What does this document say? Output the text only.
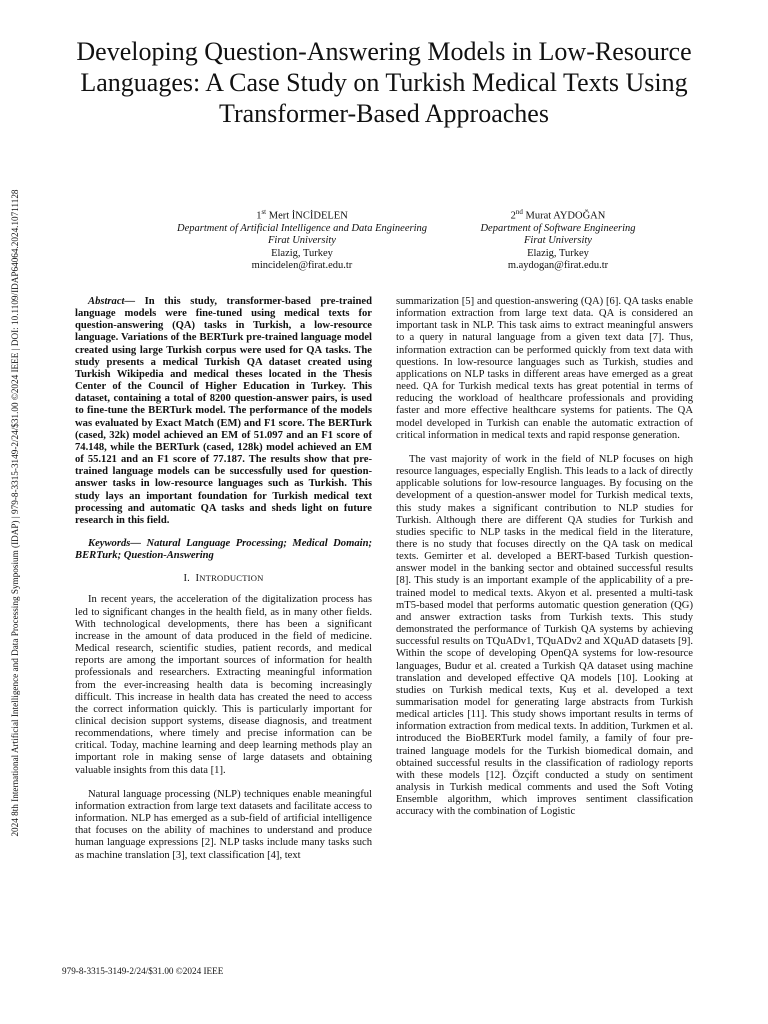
2024 8th International Artificial Intelligence and Data Processing Symposium (IDAP) | 979-8-3315-3149-2/24/$31.00 ©2024 IEEE | DOI: 10.1109/IDAP64064.2024.10711128
Developing Question-Answering Models in Low-Resource Languages: A Case Study on Turkish Medical Texts Using Transformer-Based Approaches
1st Mert İNCİDELEN
Department of Artificial Intelligence and Data Engineering
Firat University
Elazig, Turkey
mincidelen@firat.edu.tr
2nd Murat AYDOĞAN
Department of Software Engineering
Firat University
Elazig, Turkey
m.aydogan@firat.edu.tr

Abstract— In this study, transformer-based pre-trained language models were fine-tuned using medical texts for question-answering (QA) tasks in Turkish, a low-resource language. Variations of the BERTurk pre-trained language model created using large Turkish corpus were used for QA tasks. The study presents a medical Turkish QA dataset created using Turkish Wikipedia and medical theses located in the Thesis Center of the Council of Higher Education in Turkey. This dataset, containing a total of 8200 question-answer pairs, is used to fine-tune the BERTurk model. The performance of the models was evaluated by Exact Match (EM) and F1 score. The BERTurk (cased, 32k) model achieved an EM of 51.097 and an F1 score of 74.148, while the BERTurk (cased, 128k) model achieved an EM of 55.121 and an F1 score of 77.187. The results show that pre-trained language models can be successfully used for question-answer tasks in low-resource languages such as Turkish. This study lays an important foundation for Turkish medical text processing and automatic QA tasks and sheds light on future research in this field.

Keywords— Natural Language Processing; Medical Domain; BERTurk; Question-Answering

I.  INTRODUCTION

In recent years, the acceleration of the digitalization process has led to significant changes in the health field, as in many other fields. With technological developments, there has been a significant increase in the amount of data produced in the field of medicine. Medical research, scientific studies, patient records, and medical reports are among the important sources of information for health professionals and researchers. Extracting meaningful information from the ever-increasing health data is becoming increasingly difficult. This increase in health data has created the need to access the correct information quickly. This is particularly important for clinical decision support systems, disease diagnosis, and treatment recommendations, where timely and precise information can be critical. Today, machine learning and deep learning methods play an important role in making sense of large datasets and obtaining valuable insights from this data [1].

Natural language processing (NLP) techniques enable meaningful information extraction from large text datasets and facilitate access to information. NLP has emerged as a sub-field of artificial intelligence that focuses on the ability of machines to understand and produce human language expressions [2]. NLP tasks include many tasks such as machine translation [3], text classification [4], text

summarization [5] and question-answering (QA) [6]. QA tasks enable information extraction from large text data. QA is considered an important task in NLP. This task aims to extract meaningful answers to a query in natural language from a given text data [7]. Thus, information extraction can be performed quickly from text data with questions. In low-resource languages such as Turkish, studies and applications on NLP tasks in different areas have emerged as a great need. QA for Turkish medical texts has great potential in terms of reducing the workload of healthcare professionals and providing faster and more effective healthcare systems for patients. The QA model developed in Turkish can enable the automatic extraction of critical information in medical texts and rapid response generation.

The vast majority of work in the field of NLP focuses on high resource languages, especially English. This leads to a lack of directly applicable solutions for low-resource languages. By focusing on the development of a question-answer model for Turkish medical texts, this study makes a significant contribution to NLP studies for Turkish. Although there are different QA studies for Turkish and studies specific to NLP tasks in the medical field in the literature, there is no study that focuses directly on the QA task on medical texts. Gemirter et al. developed a BERT-based Turkish question-answer model in the banking sector and obtained successful results [8]. This study is an important example of the applicability of a pre-trained model to medical texts. Akyon et al. presented a multi-task mT5-based model that performs automatic question generation (QG) and answer extraction tasks from Turkish texts. This study demonstrated the performance of Turkish QA systems by achieving successful results on TQuADv1, TQuADv2 and XQuAD datasets [9]. Within the scope of developing OpenQA systems for low-resource languages, Budur et al. created a Turkish QA dataset using machine translation and developed effective QA models [10]. Looking at studies on Turkish medical texts, Kuş et al. developed a text summarisation model for generating large abstracts from Turkish medical articles [11]. This study shows important results in terms of information extraction from medical texts. In addition, Turkmen et al. introduced the BioBERTurk model family, a family of four pre-trained language models for the Turkish biomedical domain, and obtained successful results in the classification of radiology reports with these models [12]. Özçift conducted a study on sentiment analysis in Turkish medical comments and used the Soft Voting Ensemble algorithm, which improves sentiment classification accuracy with the combination of Logistic

979-8-3315-3149-2/24/$31.00 ©2024 IEEE
